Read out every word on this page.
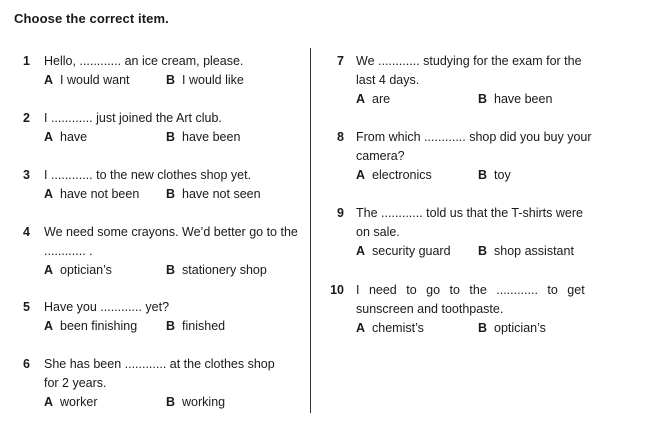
Choose the correct item.
1 Hello, ............ an ice cream, please.
A I would want	B I would like
2 I ............ just joined the Art club.
A have	B have been
3 I ............ to the new clothes shop yet.
A have not been B have not seen
4 We need some crayons. We’d better go to the
............ .
A optician’s	B stationery shop
5 Have you ............ yet?
A been finishing B finished
6 She has been ............ at the clothes shop
for 2 years.
A worker	B working
7 We ............ studying for the exam for the
last 4 days.
A are	B have been
8 From which ............ shop did you buy your
camera?
A electronics	B toy
9 The ............ told us that the T-shirts were
on sale.
A security guard B shop assistant
10 I need to go to the ............ to get
sunscreen and toothpaste.
A chemist’s	B optician’s
